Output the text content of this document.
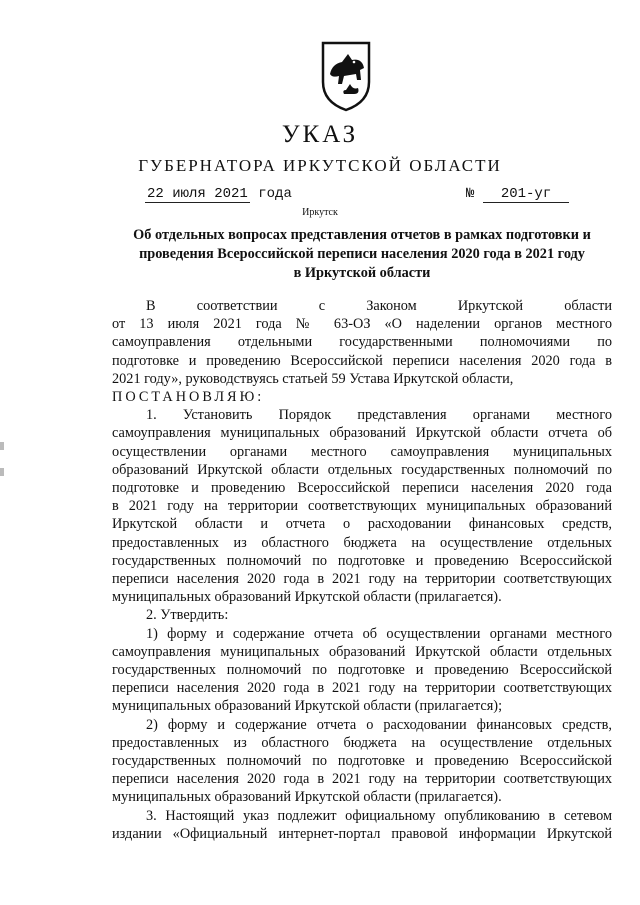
УКАЗ
ГУБЕРНАТОРА ИРКУТСКОЙ ОБЛАСТИ
22 июля 2021 года	№ 201-уг
Иркутск
Об отдельных вопросах представления отчетов в рамках подготовки и
проведения Всероссийской переписи населения 2020 года в 2021 году
в Иркутской области
В соответствии с Законом Иркутской области
от 13 июля 2021 года № 63-ОЗ «О наделении органов местного
самоуправления отдельными государственными полномочиями по
подготовке и проведению Всероссийской переписи населения 2020 года в
2021 году», руководствуясь статьей 59 Устава Иркутской области,
ПОСТАНОВЛЯЮ:
1. Установить Порядок представления органами местного
самоуправления муниципальных образований Иркутской области отчета об
осуществлении органами местного самоуправления муниципальных
образований Иркутской области отдельных государственных полномочий по
подготовке и проведению Всероссийской переписи населения 2020 года
в 2021 году на территории соответствующих муниципальных образований
Иркутской области и отчета о расходовании финансовых средств,
предоставленных из областного бюджета на осуществление отдельных
государственных полномочий по подготовке и проведению Всероссийской
переписи населения 2020 года в 2021 году на территории соответствующих
муниципальных образований Иркутской области (прилагается).
2. Утвердить:
1) форму и содержание отчета об осуществлении органами местного
самоуправления муниципальных образований Иркутской области отдельных
государственных полномочий по подготовке и проведению Всероссийской
переписи населения 2020 года в 2021 году на территории соответствующих
муниципальных образований Иркутской области (прилагается);
2) форму и содержание отчета о расходовании финансовых средств,
предоставленных из областного бюджета на осуществление отдельных
государственных полномочий по подготовке и проведению Всероссийской
переписи населения 2020 года в 2021 году на территории соответствующих
муниципальных образований Иркутской области (прилагается).
3. Настоящий указ подлежит официальному опубликованию в сетевом
издании «Официальный интернет-портал правовой информации Иркутской
